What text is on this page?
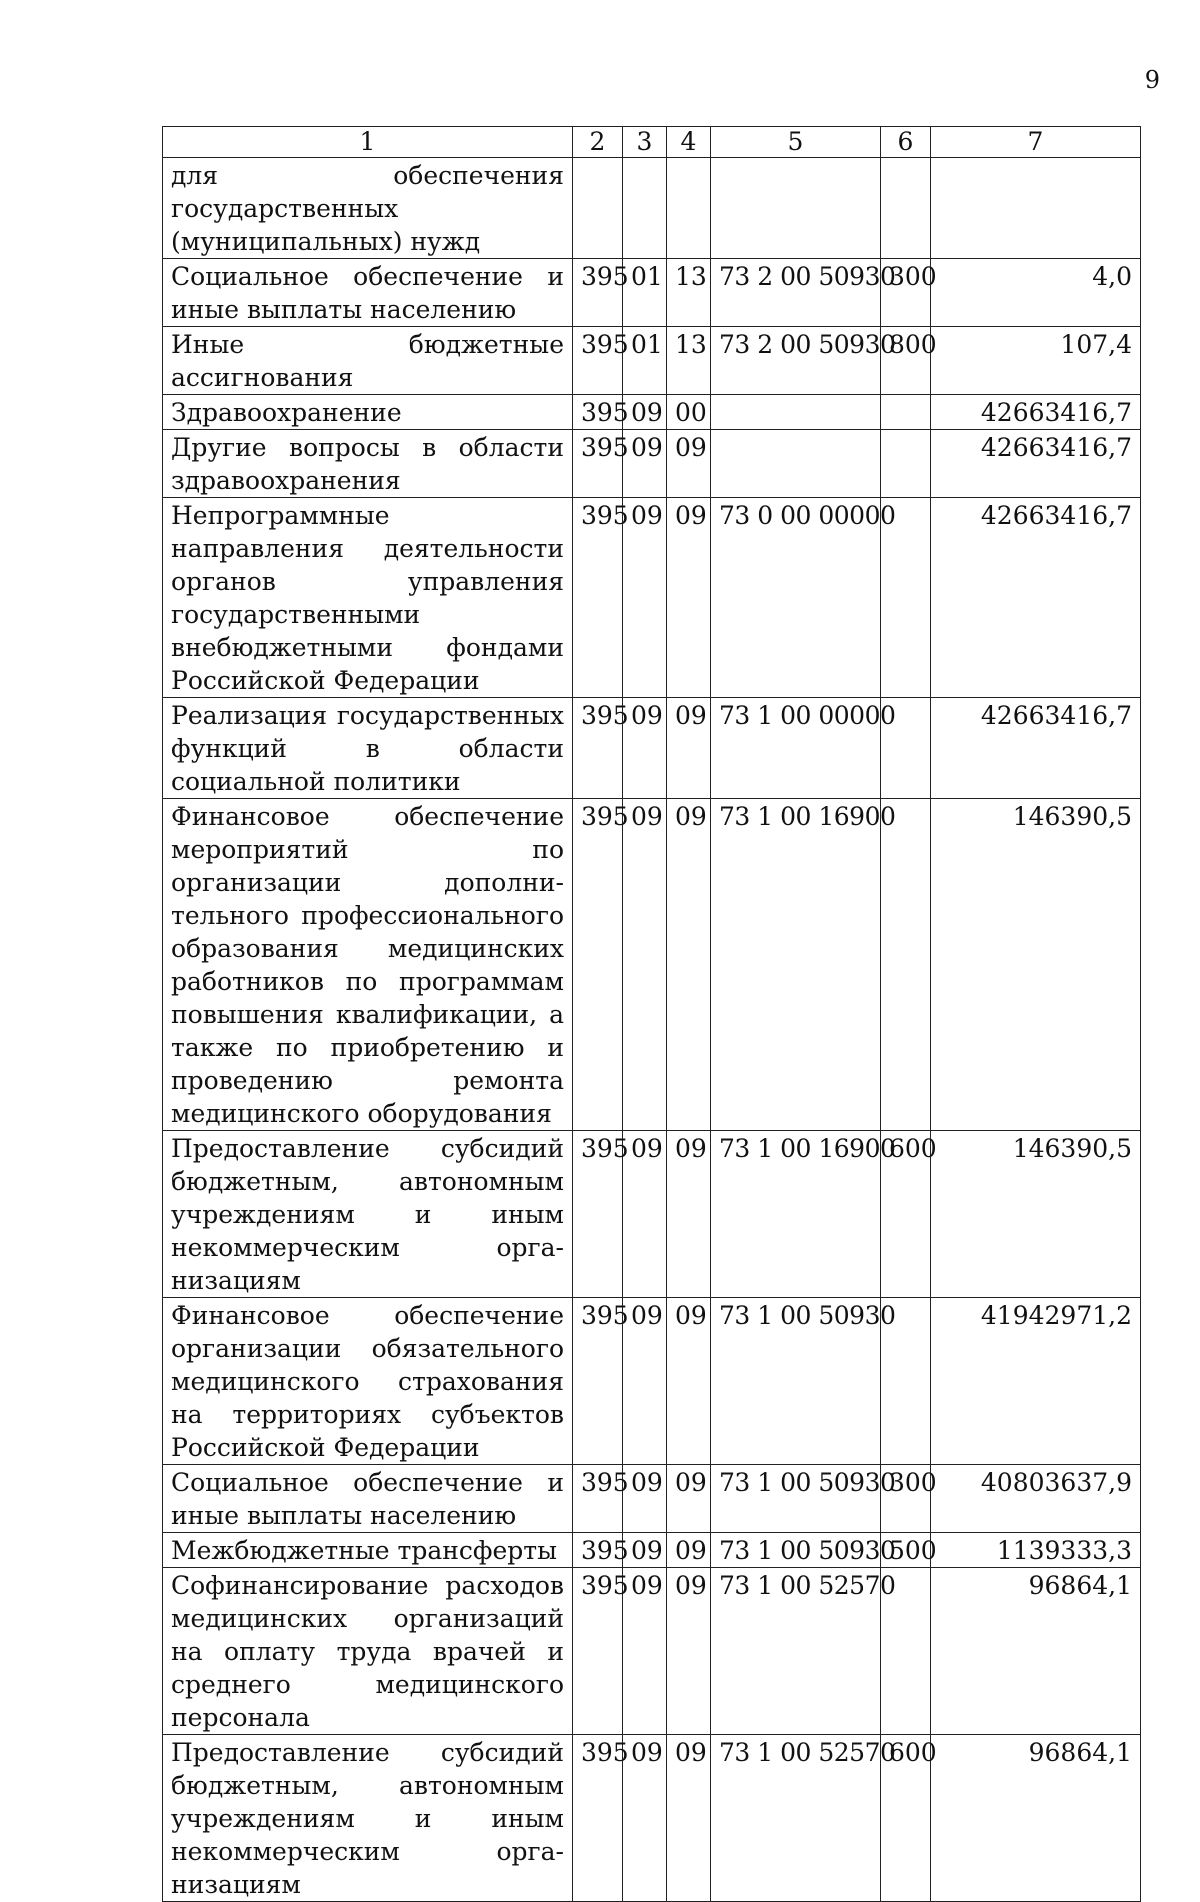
9
1	2	3	4	5	6	7
для обеспечения государственных (муниципальных) нужд						
Социальное обеспечение и иные выплаты населению	395	01	13	73 2 00 50930	300	4,0
Иные бюджетные ассигнования	395	01	13	73 2 00 50930	800	107,4
Здравоохранение	395	09	00			42663416,7
Другие вопросы в области здравоохранения	395	09	09			42663416,7
Непрограммные направления деятельности органов управления государственными внебюджетными фондами Российской Федерации	395	09	09	73 0 00 00000		42663416,7
Реализация государственных функций в области социальной политики	395	09	09	73 1 00 00000		42663416,7
Финансовое обеспечение мероприятий по организации дополнительного профессионального образования медицинских работников по программам повышения квалификации, а также по приобретению и проведению ремонта медицинского оборудования	395	09	09	73 1 00 16900		146390,5
Предоставление субсидий бюджетным, автономным учреждениям и иным некоммерческим организациям	395	09	09	73 1 00 16900	600	146390,5
Финансовое обеспечение организации обязательного медицинского страхования на территориях субъектов Российской Федерации	395	09	09	73 1 00 50930		41942971,2
Социальное обеспечение и иные выплаты населению	395	09	09	73 1 00 50930	300	40803637,9
Межбюджетные трансферты	395	09	09	73 1 00 50930	500	1139333,3
Софинансирование расходов медицинских организаций на оплату труда врачей и среднего медицинского персонала	395	09	09	73 1 00 52570		96864,1
Предоставление субсидий бюджетным, автономным учреждениям и иным некоммерческим организациям	395	09	09	73 1 00 52570	600	96864,1
